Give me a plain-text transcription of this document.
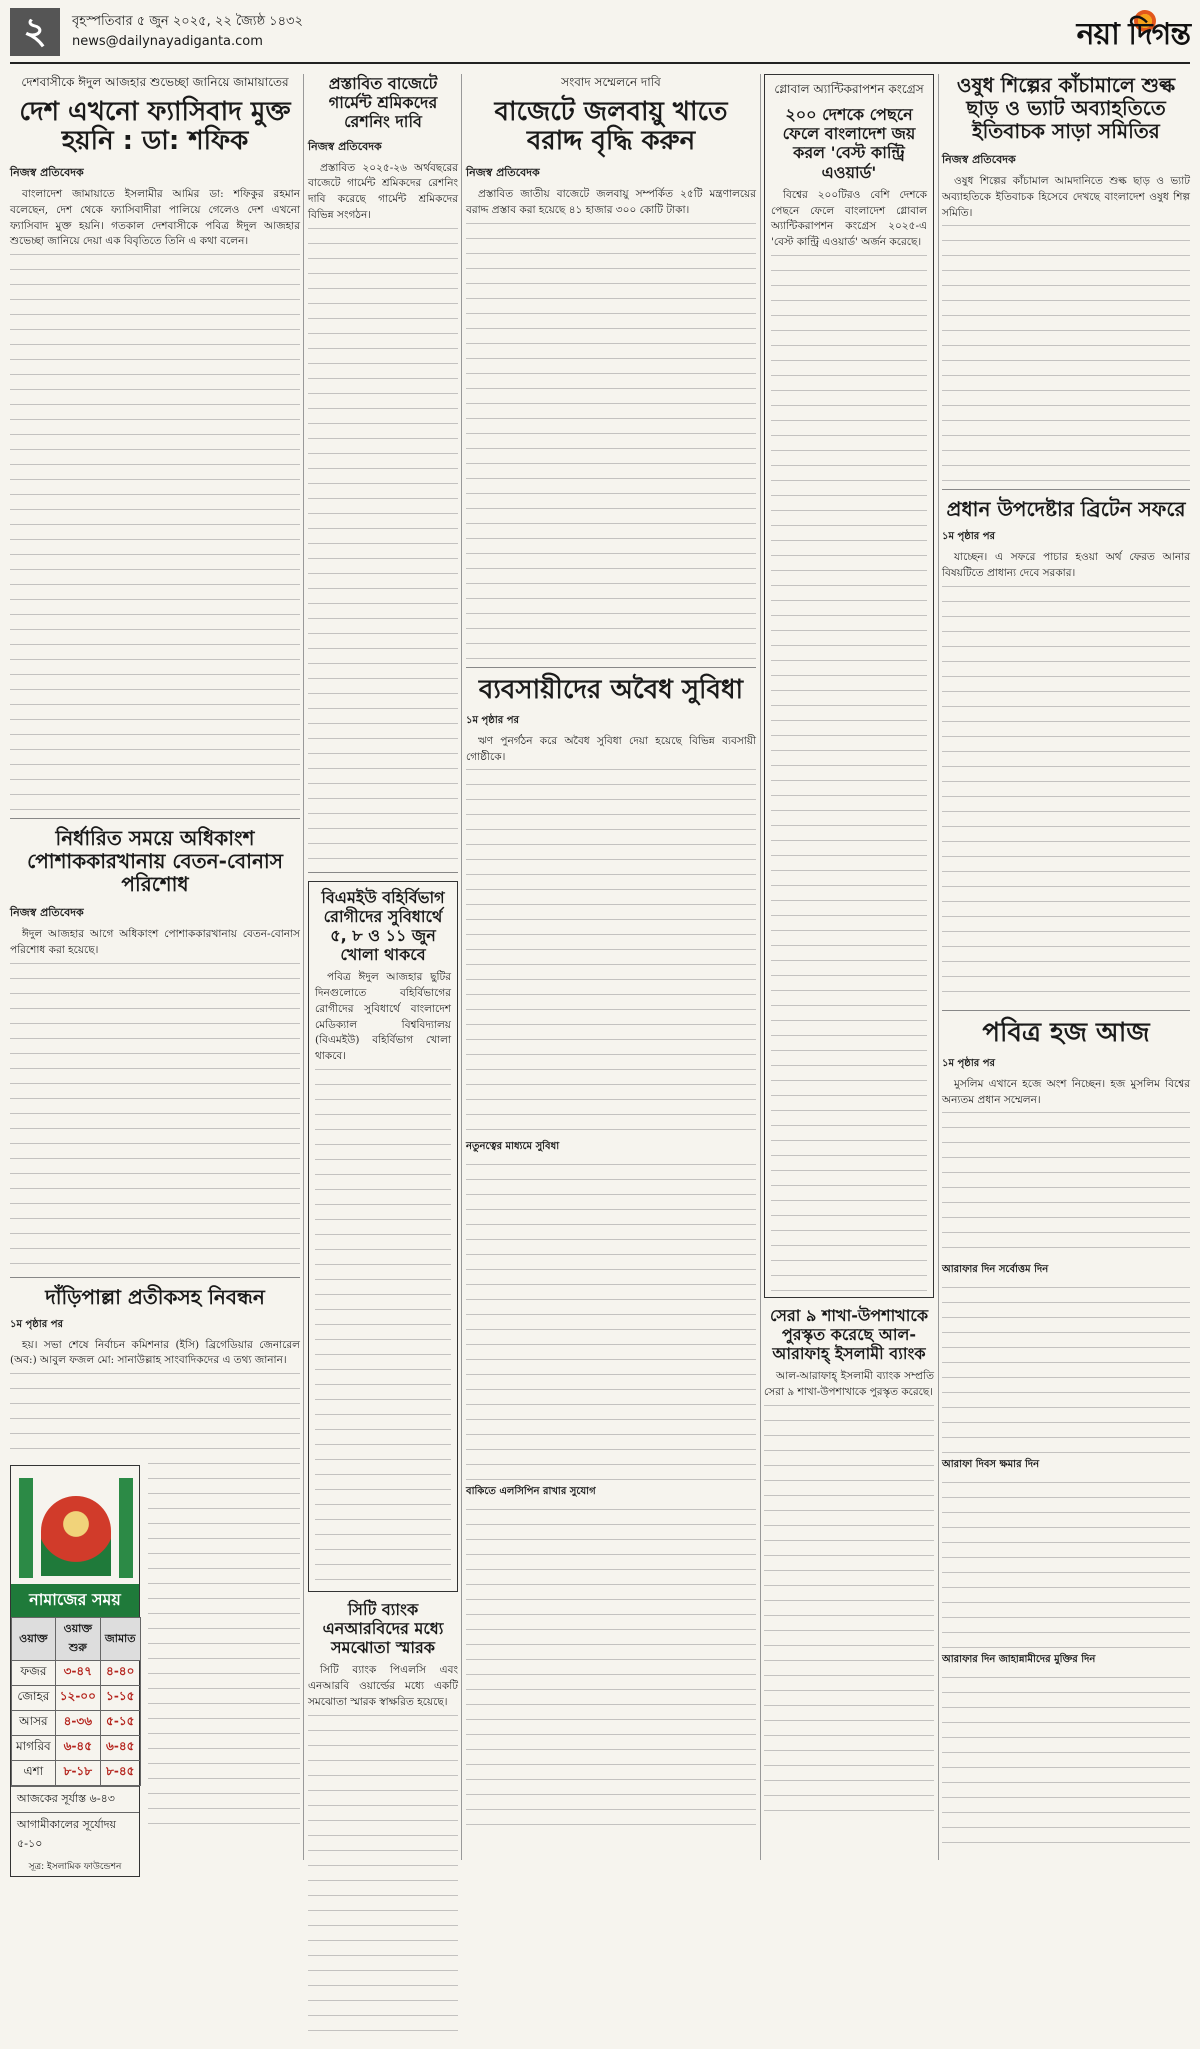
২	বৃহস্পতিবার ৫ জুন ২০২৫, ২২ জ্যৈষ্ঠ ১৪৩২
news@dailynayadiganta.com	নয়া দিগন্ত
দেশবাসীকে ঈদুল আজহার শুভেচ্ছা জানিয়ে জামায়াতের
দেশ এখনো ফ্যাসিবাদ মুক্ত হয়নি : ডা: শফিক
নিজস্ব প্রতিবেদক

বাংলাদেশ জামায়াতে ইসলামীর আমির ডা: শফিকুর রহমান বলেছেন, দেশ থেকে ফ্যাসিবাদীরা পালিয়ে গেলেও দেশ এখনো ফ্যাসিবাদ মুক্ত হয়নি। গতকাল দেশবাসীকে পবিত্র ঈদুল আজহার শুভেচ্ছা জানিয়ে দেয়া এক বিবৃতিতে তিনি এ কথা বলেন।

নির্ধারিত সময়ে অধিকাংশ পোশাককারখানায় বেতন-বোনাস পরিশোধ
নিজস্ব প্রতিবেদক

ঈদুল আজহার আগে অধিকাংশ পোশাককারখানায় বেতন-বোনাস পরিশোধ করা হয়েছে।

দাঁড়িপাল্লা প্রতীকসহ নিবন্ধন
১ম পৃষ্ঠার পর

হয়। সভা শেষে নির্বাচন কমিশনার (ইসি) ব্রিগেডিয়ার জেনারেল (অব:) আবুল ফজল মো: সানাউল্লাহ সাংবাদিকদের এ তথ্য জানান।

নামাজের সময়
ওয়াক্ত	ওয়াক্ত শুরু	জামাত
ফজর	৩-৪৭	৪-৪০
জোহর	১২-০০	১-১৫
আসর	৪-৩৬	৫-১৫
মাগরিব	৬-৪৫	৬-৪৫
এশা	৮-১৮	৮-৪৫
আজকের সূর্যাস্ত ৬-৪৩
আগামীকালের সূর্যোদয় ৫-১০
সূত্র: ইসলামিক ফাউন্ডেশন
প্রস্তাবিত বাজেটে গার্মেন্ট শ্রমিকদের রেশনিং দাবি
নিজস্ব প্রতিবেদক

প্রস্তাবিত ২০২৫-২৬ অর্থবছরের বাজেটে গার্মেন্ট শ্রমিকদের রেশনিং দাবি করেছে গার্মেন্ট শ্রমিকদের বিভিন্ন সংগঠন।

বিএমইউ বহির্বিভাগ রোগীদের সুবিধার্থে ৫, ৮ ও ১১ জুন খোলা থাকবে

পবিত্র ঈদুল আজহার ছুটির দিনগুলোতে বহির্বিভাগের রোগীদের সুবিধার্থে বাংলাদেশ মেডিক্যাল বিশ্ববিদ্যালয় (বিএমইউ) বহির্বিভাগ খোলা থাকবে।

সিটি ব্যাংক এনআরবিদের মধ্যে সমঝোতা স্মারক

সিটি ব্যাংক পিএলসি এবং এনআরবি ওয়ার্ল্ডের মধ্যে একটি সমঝোতা স্মারক স্বাক্ষরিত হয়েছে।

সংবাদ সম্মেলনে দাবি
বাজেটে জলবায়ু খাতে বরাদ্দ বৃদ্ধি করুন
নিজস্ব প্রতিবেদক

প্রস্তাবিত জাতীয় বাজেটে জলবায়ু সম্পর্কিত ২৫টি মন্ত্রণালয়ের বরাদ্দ প্রস্তাব করা হয়েছে ৪১ হাজার ৩০০ কোটি টাকা।

ব্যবসায়ীদের অবৈধ সুবিধা
১ম পৃষ্ঠার পর

ঋণ পুনর্গঠন করে অবৈধ সুবিধা দেয়া হয়েছে বিভিন্ন ব্যবসায়ী গোষ্ঠীকে।

নতুনত্বের মাধ্যমে সুবিধা
বাকিতে এলসিপিন রাখার সুযোগ
গ্লোবাল অ্যান্টিকরাপশন কংগ্রেস
২০০ দেশকে পেছনে ফেলে বাংলাদেশ জয় করল 'বেস্ট কান্ট্রি এওয়ার্ড'

বিশ্বের ২০০টিরও বেশি দেশকে পেছনে ফেলে বাংলাদেশ গ্লোবাল অ্যান্টিকরাপশন কংগ্রেস ২০২৫-এ 'বেস্ট কান্ট্রি এওয়ার্ড' অর্জন করেছে।

সেরা ৯ শাখা-উপশাখাকে পুরস্কৃত করেছে আল-আরাফাহ্ ইসলামী ব্যাংক

আল-আরাফাহ্ ইসলামী ব্যাংক সম্প্রতি সেরা ৯ শাখা-উপশাখাকে পুরস্কৃত করেছে।

ওষুধ শিল্পের কাঁচামালে শুল্ক ছাড় ও ভ্যাট অব্যাহতিতে ইতিবাচক সাড়া সমিতির
নিজস্ব প্রতিবেদক

ওষুধ শিল্পের কাঁচামাল আমদানিতে শুল্ক ছাড় ও ভ্যাট অব্যাহতিকে ইতিবাচক হিসেবে দেখছে বাংলাদেশ ওষুধ শিল্প সমিতি।

প্রধান উপদেষ্টার ব্রিটেন সফরে
১ম পৃষ্ঠার পর

যাচ্ছেন। এ সফরে পাচার হওয়া অর্থ ফেরত আনার বিষয়টিতে প্রাধান্য দেবে সরকার।

পবিত্র হজ আজ
১ম পৃষ্ঠার পর

মুসলিম এখানে হজে অংশ নিচ্ছেন। হজ মুসলিম বিশ্বের অন্যতম প্রধান সম্মেলন।

আরাফার দিন সর্বোত্তম দিন
আরাফা দিবস ক্ষমার দিন
আরাফার দিন জাহান্নামীদের মুক্তির দিন
